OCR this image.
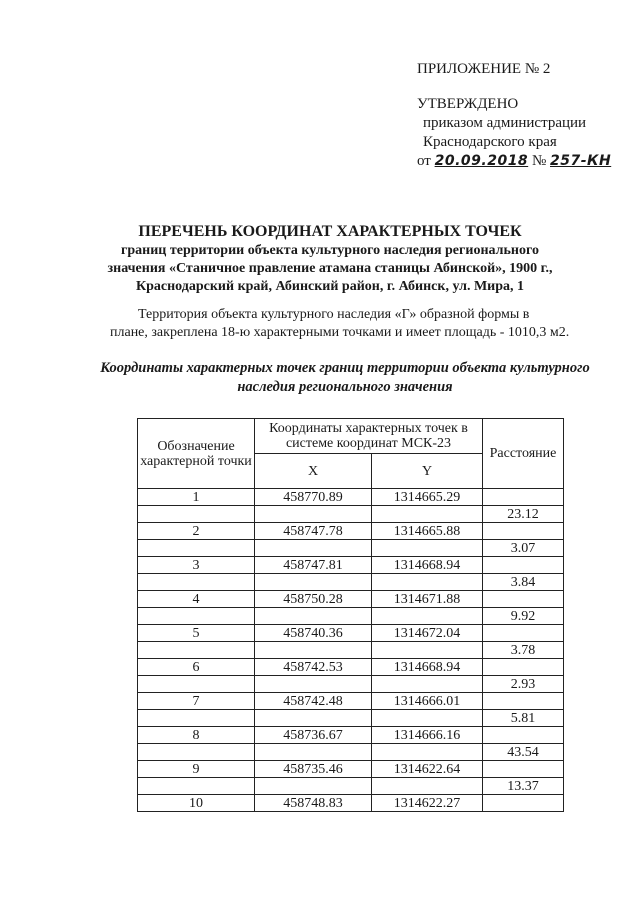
ПРИЛОЖЕНИЕ № 2
УТВЕРЖДЕНО
приказом администрации
Краснодарского края
от 20.09.2018 № 257-КН
ПЕРЕЧЕНЬ КООРДИНАТ ХАРАКТЕРНЫХ ТОЧЕК
границ территории объекта культурного наследия регионального
значения «Станичное правление атамана станицы Абинской», 1900 г.,
Краснодарский край, Абинский район, г. Абинск, ул. Мира, 1
Территория объекта культурного наследия «Г» образной формы в
плане, закреплена 18-ю характерными точками и имеет площадь - 1010,3 м2.
Координаты характерных точек границ территории объекта культурного
наследия регионального значения
Обозначение характерной точки	Координаты характерных точек в системе координат МСК-23		Расстояние
	X	Y	
1	458770.89	1314665.29	
			23.12
2	458747.78	1314665.88	
			3.07
3	458747.81	1314668.94	
			3.84
4	458750.28	1314671.88	
			9.92
5	458740.36	1314672.04	
			3.78
6	458742.53	1314668.94	
			2.93
7	458742.48	1314666.01	
			5.81
8	458736.67	1314666.16	
			43.54
9	458735.46	1314622.64	
			13.37
10	458748.83	1314622.27	
